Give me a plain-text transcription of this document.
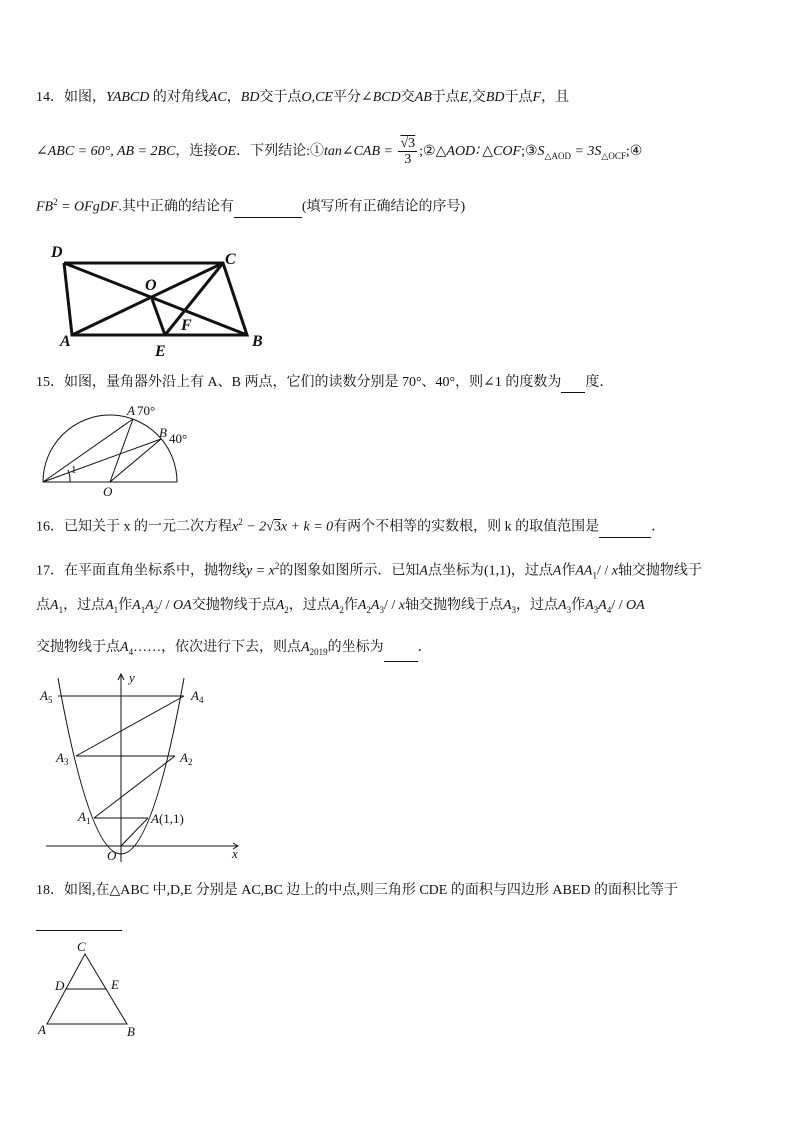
14．如图，YABCD 的对角线AC，BD交于点O,CE平分∠BCD交AB于点E,交BD于点F，且
∠ABC = 60°, AB = 2BC，连接OE．下列结论:①tan∠CAB = $\frac{√3}{3}$ ;②△AOD∶ $\triangle COF;③S_{\triangle AOD}$ = $3S_{\triangle OCF};④$
$FB^2$ = OFgDF.其中正确的结论有	(填写所有正确结论的序号)
D	C
O
F
A
E
B
15．如图，量角器外沿上有 A、B 两点，它们的读数分别是 70°、40°，则∠1 的度数为 度．
A 70°
B 40°
1
O
16．已知关于 x 的一元二次方程$x^2 - 2√3x + k = 0$有两个不相等的实数根，则 k 的取值范围是	．
17．在平面直角坐标系中，抛物线$y = x^2$的图象如图所示．已知A点坐标为(1,1)，过点A作$AA_1/$ / x轴交抛物线于
点$A_1$，过点$A_1$作$A_1A_2/$ / OA交抛物线于点$A_2$，过点$A_2$作$A_2A_3/$ / x轴交抛物线于点$A_3$，过点$A_3$作$A_3A_4/$ / OA
交抛物线于点$A_4\dots\dots$，依次进行下去，则点$A_{2019}$的坐标为 ．
y
x
O
$A_5$	$A_4$
$A_3$	$A_2$
$A_1$	A(1,1)
18．如图,在△ABC 中,D,E 分别是 AC,BC 边上的中点,则三角形 CDE 的面积与四边形 ABED 的面积比等于
C
D	E
A	B
